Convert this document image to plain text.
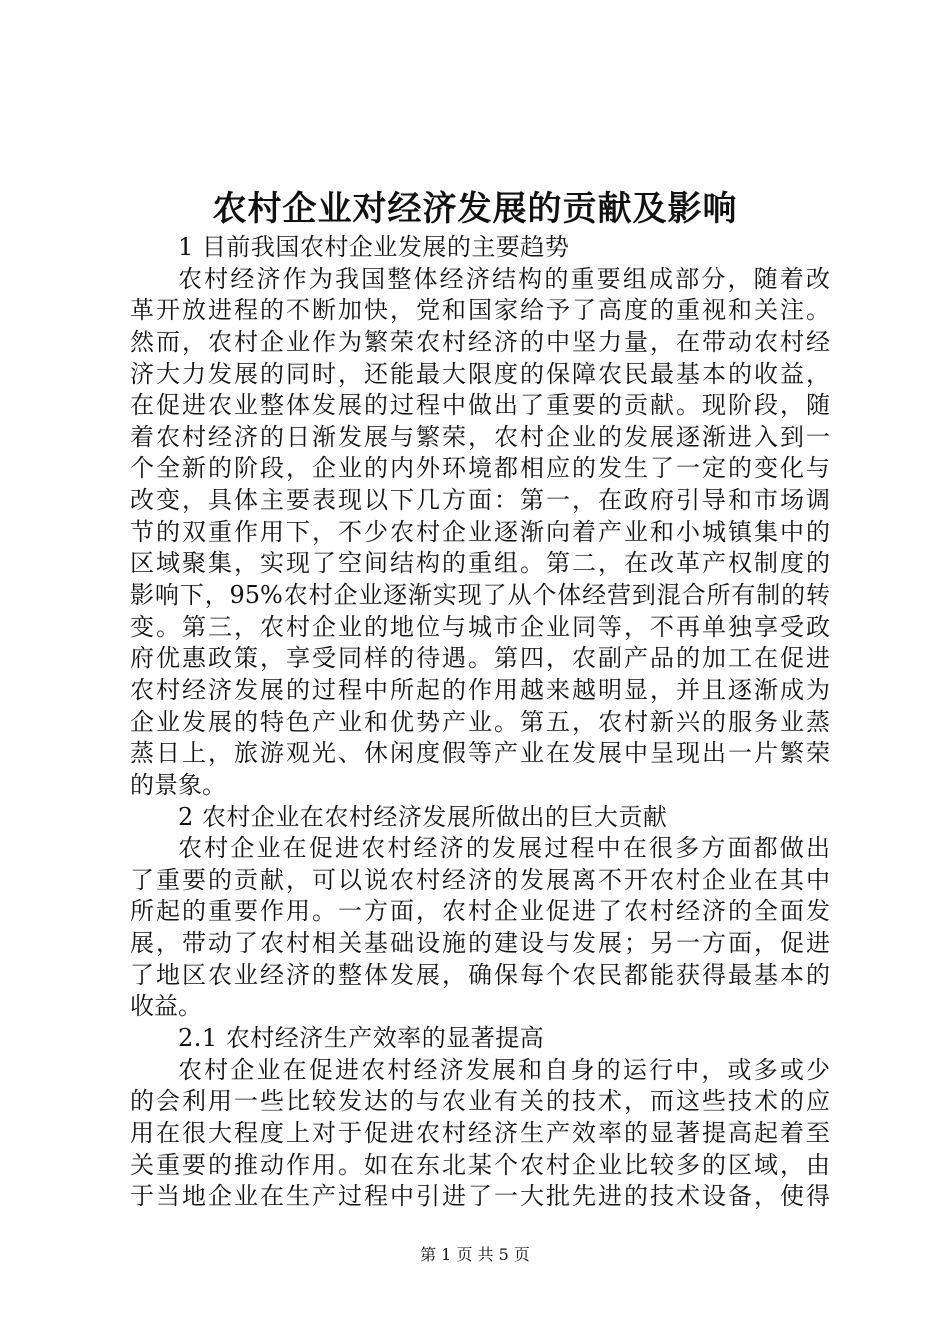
农村企业对经济发展的贡献及影响
1 目前我国农村企业发展的主要趋势
农村经济作为我国整体经济结构的重要组成部分，随着改
革开放进程的不断加快，党和国家给予了高度的重视和关注。
然而，农村企业作为繁荣农村经济的中坚力量，在带动农村经
济大力发展的同时，还能最大限度的保障农民最基本的收益，
在促进农业整体发展的过程中做出了重要的贡献。现阶段，随
着农村经济的日渐发展与繁荣，农村企业的发展逐渐进入到一
个全新的阶段，企业的内外环境都相应的发生了一定的变化与
改变，具体主要表现以下几方面：第一，在政府引导和市场调
节的双重作用下，不少农村企业逐渐向着产业和小城镇集中的
区域聚集，实现了空间结构的重组。第二，在改革产权制度的
影响下，95%农村企业逐渐实现了从个体经营到混合所有制的转
变。第三，农村企业的地位与城市企业同等，不再单独享受政
府优惠政策，享受同样的待遇。第四，农副产品的加工在促进
农村经济发展的过程中所起的作用越来越明显，并且逐渐成为
企业发展的特色产业和优势产业。第五，农村新兴的服务业蒸
蒸日上，旅游观光、休闲度假等产业在发展中呈现出一片繁荣
的景象。
2 农村企业在农村经济发展所做出的巨大贡献
农村企业在促进农村经济的发展过程中在很多方面都做出
了重要的贡献，可以说农村经济的发展离不开农村企业在其中
所起的重要作用。一方面，农村企业促进了农村经济的全面发
展，带动了农村相关基础设施的建设与发展；另一方面，促进
了地区农业经济的整体发展，确保每个农民都能获得最基本的
收益。
2.1 农村经济生产效率的显著提高
农村企业在促进农村经济发展和自身的运行中，或多或少
的会利用一些比较发达的与农业有关的技术，而这些技术的应
用在很大程度上对于促进农村经济生产效率的显著提高起着至
关重要的推动作用。如在东北某个农村企业比较多的区域，由
于当地企业在生产过程中引进了一大批先进的技术设备，使得
第 1 页 共 5 页
